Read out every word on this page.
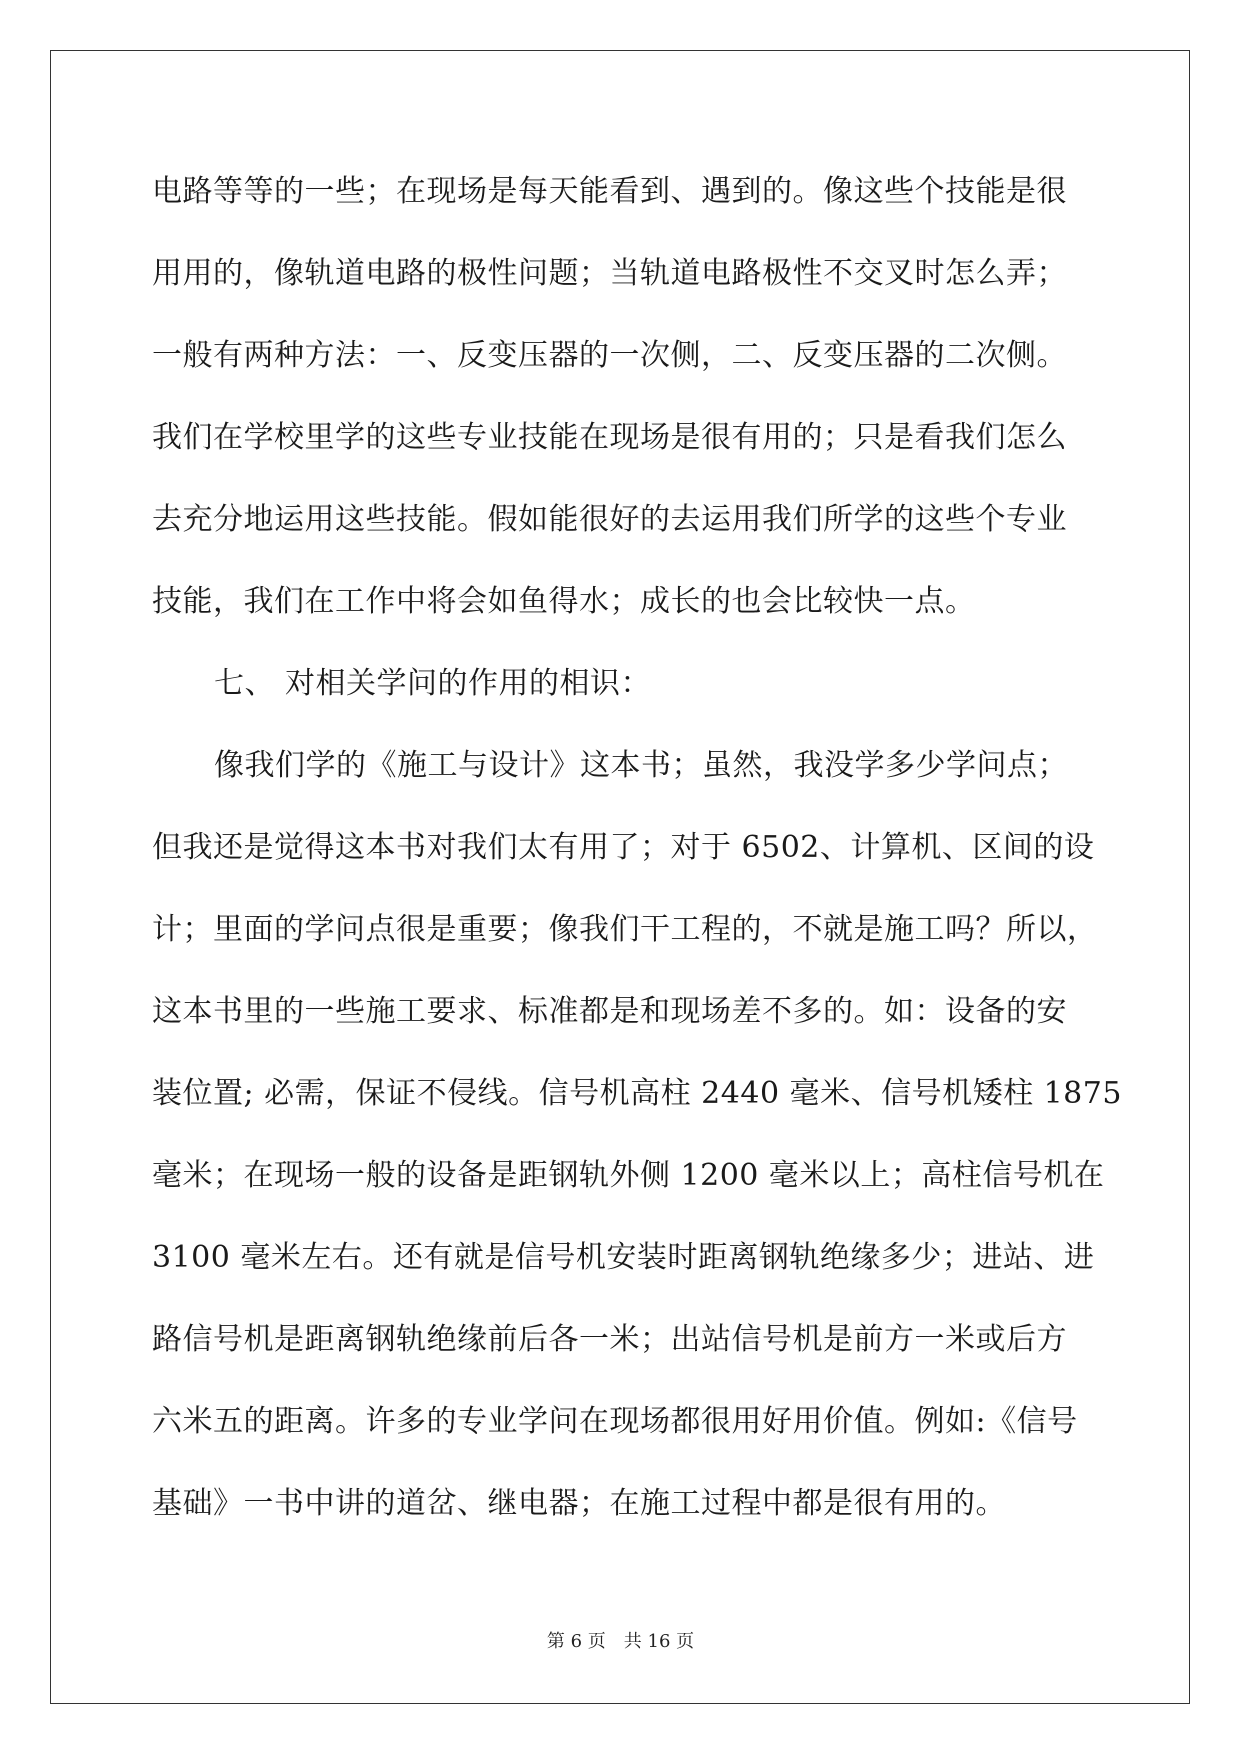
电路等等的一些；在现场是每天能看到、遇到的。像这些个技能是很
用用的，像轨道电路的极性问题；当轨道电路极性不交叉时怎么弄；
一般有两种方法：一、反变压器的一次侧，二、反变压器的二次侧。
我们在学校里学的这些专业技能在现场是很有用的；只是看我们怎么
去充分地运用这些技能。假如能很好的去运用我们所学的这些个专业
技能，我们在工作中将会如鱼得水；成长的也会比较快一点。
七、 对相关学问的作用的相识：
像我们学的《施工与设计》这本书；虽然，我没学多少学问点；
但我还是觉得这本书对我们太有用了；对于 6502、计算机、区间的设
计；里面的学问点很是重要；像我们干工程的，不就是施工吗？所以，
这本书里的一些施工要求、标准都是和现场差不多的。如：设备的安
装位置; 必需，保证不侵线。信号机高柱 2440 毫米、信号机矮柱 1875
毫米；在现场一般的设备是距钢轨外侧 1200 毫米以上；高柱信号机在
3100 毫米左右。还有就是信号机安装时距离钢轨绝缘多少；进站、进
路信号机是距离钢轨绝缘前后各一米；出站信号机是前方一米或后方
六米五的距离。许多的专业学问在现场都很用好用价值。例如:《信号
基础》一书中讲的道岔、继电器；在施工过程中都是很有用的。
第 6 页　共 16 页
